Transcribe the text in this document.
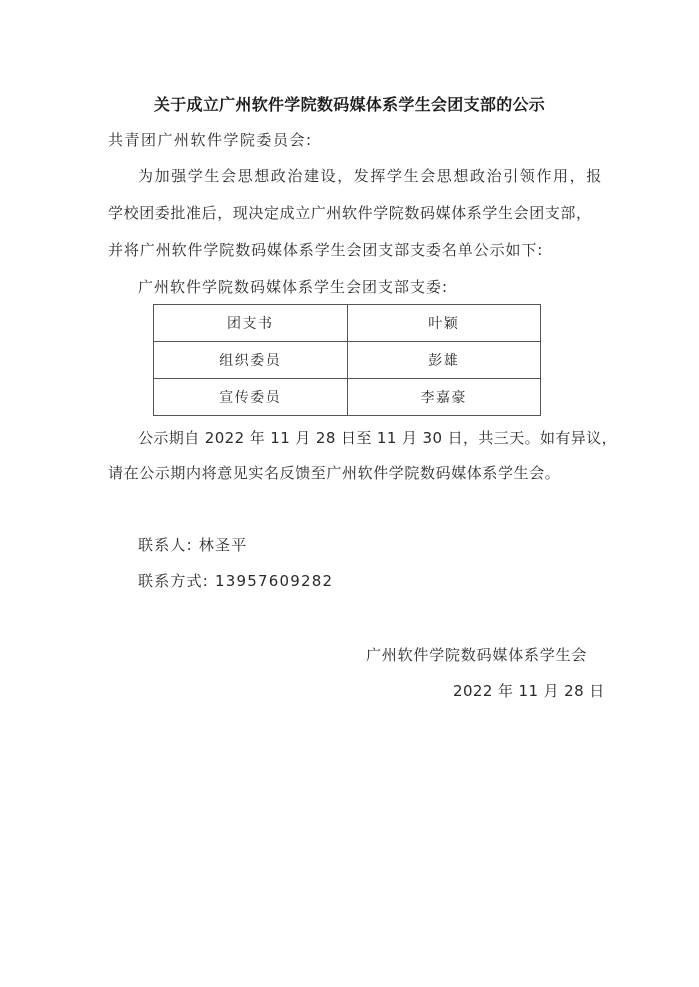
关于成立广州软件学院数码媒体系学生会团支部的公示
共青团广州软件学院委员会:
为加强学生会思想政治建设，发挥学生会思想政治引领作用，报
学校团委批准后，现决定成立广州软件学院数码媒体系学生会团支部，
并将广州软件学院数码媒体系学生会团支部支委名单公示如下:
广州软件学院数码媒体系学生会团支部支委:
团支书	叶颖
组织委员	彭雄
宣传委员	李嘉豪
公示期自 2022 年 11 月 28 日至 11 月 30 日，共三天。如有异议，
请在公示期内将意见实名反馈至广州软件学院数码媒体系学生会。
联系人: 林圣平
联系方式: 13957609282
广州软件学院数码媒体系学生会
2022 年 11 月 28 日
